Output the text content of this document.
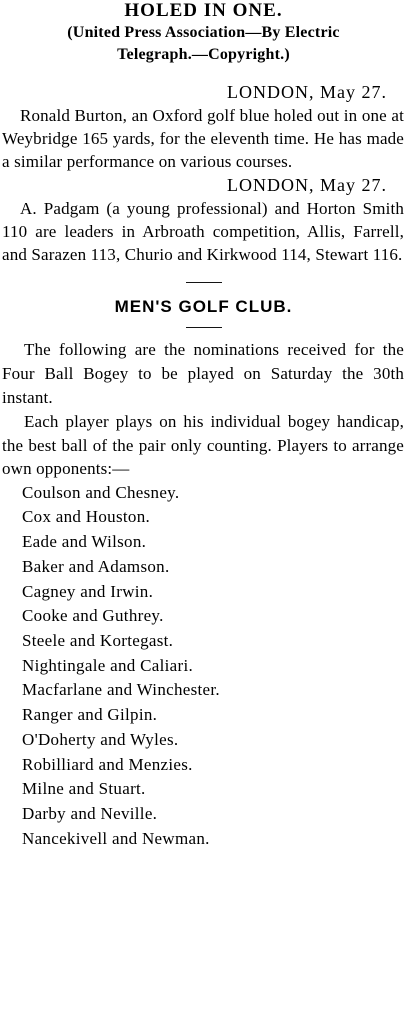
HOLED IN ONE.

(United Press Association—By Electric

Telegraph.—Copyright.)

LONDON, May 27.

Ronald Burton, an Oxford golf blue holed out in one at Weybridge 165 yards, for the eleventh time. He has made a similar performance on various courses.

LONDON, May 27.

A. Padgam (a young professional) and Horton Smith 110 are leaders in Arbroath competition, Allis, Farrell, and Sarazen 113, Churio and Kirkwood 114, Stewart 116.

MEN'S GOLF CLUB.

The following are the nominations received for the Four Ball Bogey to be played on Saturday the 30th instant.

Each player plays on his individual bogey handicap, the best ball of the pair only counting. Players to arrange own opponents:—

Coulson and Chesney.
Cox and Houston.
Eade and Wilson.
Baker and Adamson.
Cagney and Irwin.
Cooke and Guthrey.
Steele and Kortegast.
Nightingale and Caliari.
Macfarlane and Winchester.
Ranger and Gilpin.
O'Doherty and Wyles.
Robilliard and Menzies.
Milne and Stuart.
Darby and Neville.
Nancekivell and Newman.
